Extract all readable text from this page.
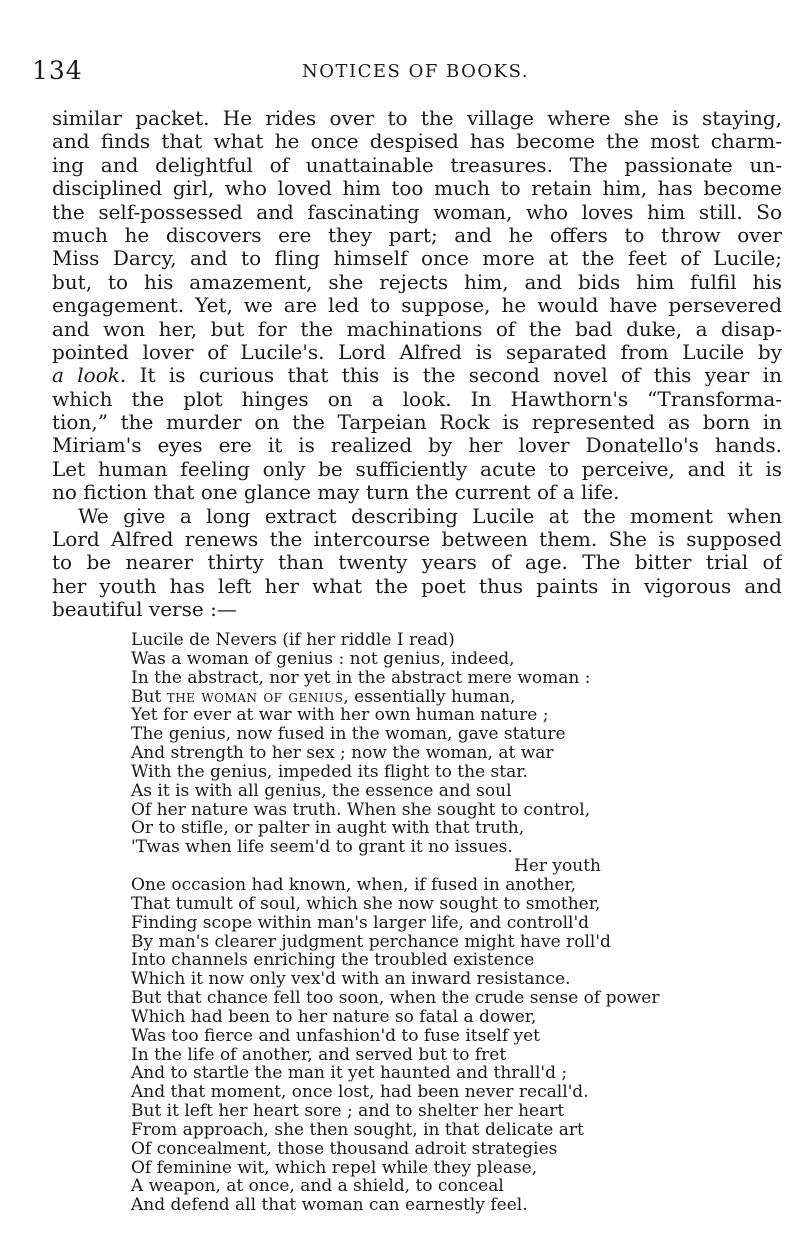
134	NOTICES OF BOOKS.
similar packet. He rides over to the village where she is staying,
and finds that what he once despised has become the most charm-
ing and delightful of unattainable treasures. The passionate un-
disciplined girl, who loved him too much to retain him, has become
the self-possessed and fascinating woman, who loves him still. So
much he discovers ere they part; and he offers to throw over
Miss Darcy, and to fling himself once more at the feet of Lucile;
but, to his amazement, she rejects him, and bids him fulfil his
engagement. Yet, we are led to suppose, he would have persevered
and won her, but for the machinations of the bad duke, a disap-
pointed lover of Lucile's. Lord Alfred is separated from Lucile by
a look. It is curious that this is the second novel of this year in
which the plot hinges on a look. In Hawthorn's “Transforma-
tion,” the murder on the Tarpeian Rock is represented as born in
Miriam's eyes ere it is realized by her lover Donatello's hands.
Let human feeling only be sufficiently acute to perceive, and it is
no fiction that one glance may turn the current of a life.
We give a long extract describing Lucile at the moment when
Lord Alfred renews the intercourse between them. She is supposed
to be nearer thirty than twenty years of age. The bitter trial of
her youth has left her what the poet thus paints in vigorous and
beautiful verse :—
Lucile de Nevers (if her riddle I read)
Was a woman of genius : not genius, indeed,
In the abstract, nor yet in the abstract mere woman :
But the woman of genius, essentially human,
Yet for ever at war with her own human nature ;
The genius, now fused in the woman, gave stature
And strength to her sex ; now the woman, at war
With the genius, impeded its flight to the star.
As it is with all genius, the essence and soul
Of her nature was truth. When she sought to control,
Or to stifle, or palter in aught with that truth,
'Twas when life seem'd to grant it no issues.
Her youth
One occasion had known, when, if fused in another,
That tumult of soul, which she now sought to smother,
Finding scope within man's larger life, and controll'd
By man's clearer judgment perchance might have roll'd
Into channels enriching the troubled existence
Which it now only vex'd with an inward resistance.
But that chance fell too soon, when the crude sense of power
Which had been to her nature so fatal a dower,
Was too fierce and unfashion'd to fuse itself yet
In the life of another, and served but to fret
And to startle the man it yet haunted and thrall'd ;
And that moment, once lost, had been never recall'd.
But it left her heart sore ; and to shelter her heart
From approach, she then sought, in that delicate art
Of concealment, those thousand adroit strategies
Of feminine wit, which repel while they please,
A weapon, at once, and a shield, to conceal
And defend all that woman can earnestly feel.
